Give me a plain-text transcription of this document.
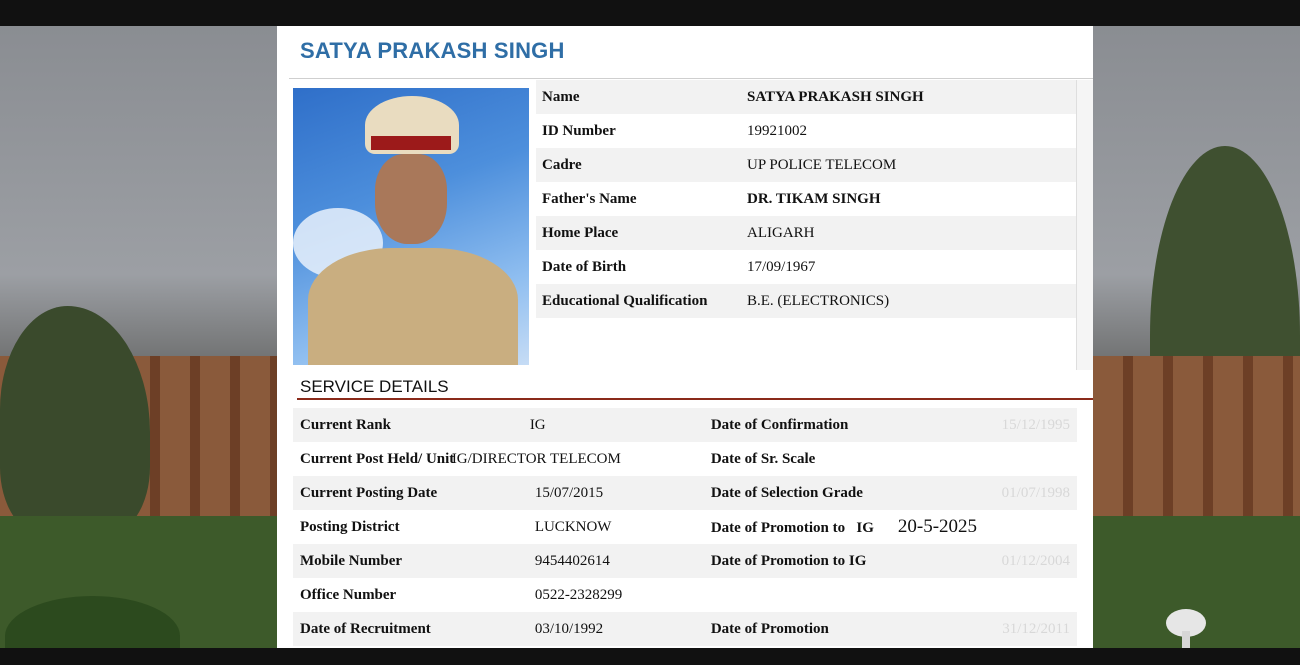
SATYA PRAKASH SINGH
Name	SATYA PRAKASH SINGH
ID Number	19921002
Cadre	UP POLICE TELECOM
Father's Name	DR. TIKAM SINGH
Home Place	ALIGARH
Date of Birth	17/09/1967
Educational Qualification	B.E. (ELECTRONICS)
SERVICE DETAILS
Current Rank	IG	Date of Confirmation	15/12/1995
Current Post Held/ Unit	IG/DIRECTOR TELECOM	Date of Sr. Scale	
Current Posting Date	15/07/2015	Date of Selection Grade	01/07/1998
Posting District	LUCKNOW	Date of Promotion to IG 20-5-2025	
Mobile Number	9454402614	Date of Promotion to IG	01/12/2004
Office Number	0522-2328299		
Date of Recruitment	03/10/1992	Date of Promotion	31/12/2011
